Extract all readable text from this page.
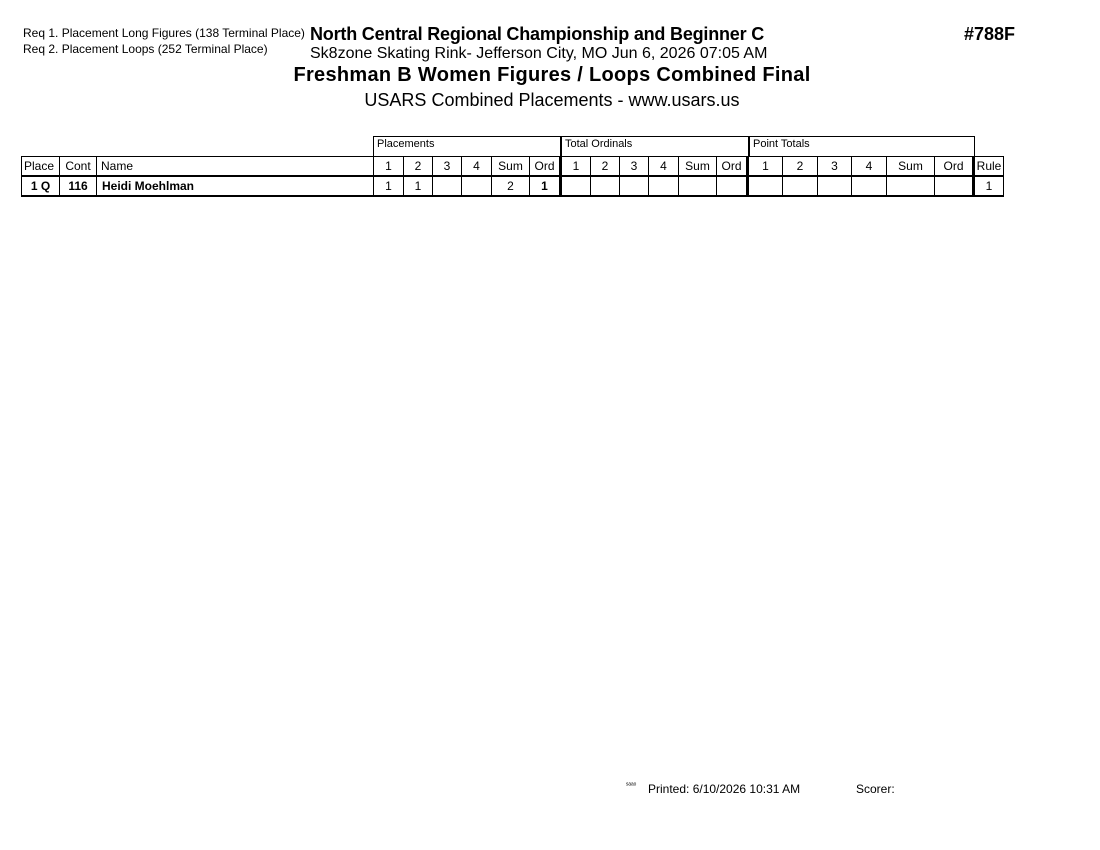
Req 1. Placement Long Figures (138 Terminal Place)
Req 2. Placement Loops (252 Terminal Place)
North Central Regional Championship and Beginner C
Sk8zone Skating Rink- Jefferson City, MO Jun 6, 2026 07:05 AM
Freshman B Women Figures / Loops Combined Final
USARS Combined Placements - www.usars.us
#788F
Placements	Total Ordinals	Point Totals
Place	Cont	Name	1	2	3	4	Sum	Ord	1	2	3	4	Sum	Ord	1	2	3	4	Sum	Ord	Rule
1 Q	116	Heidi Moehlman	1	1			2	1													1
ˢᵃᵃᵒ Printed: 6/10/2026 10:31 AM	Scorer:
